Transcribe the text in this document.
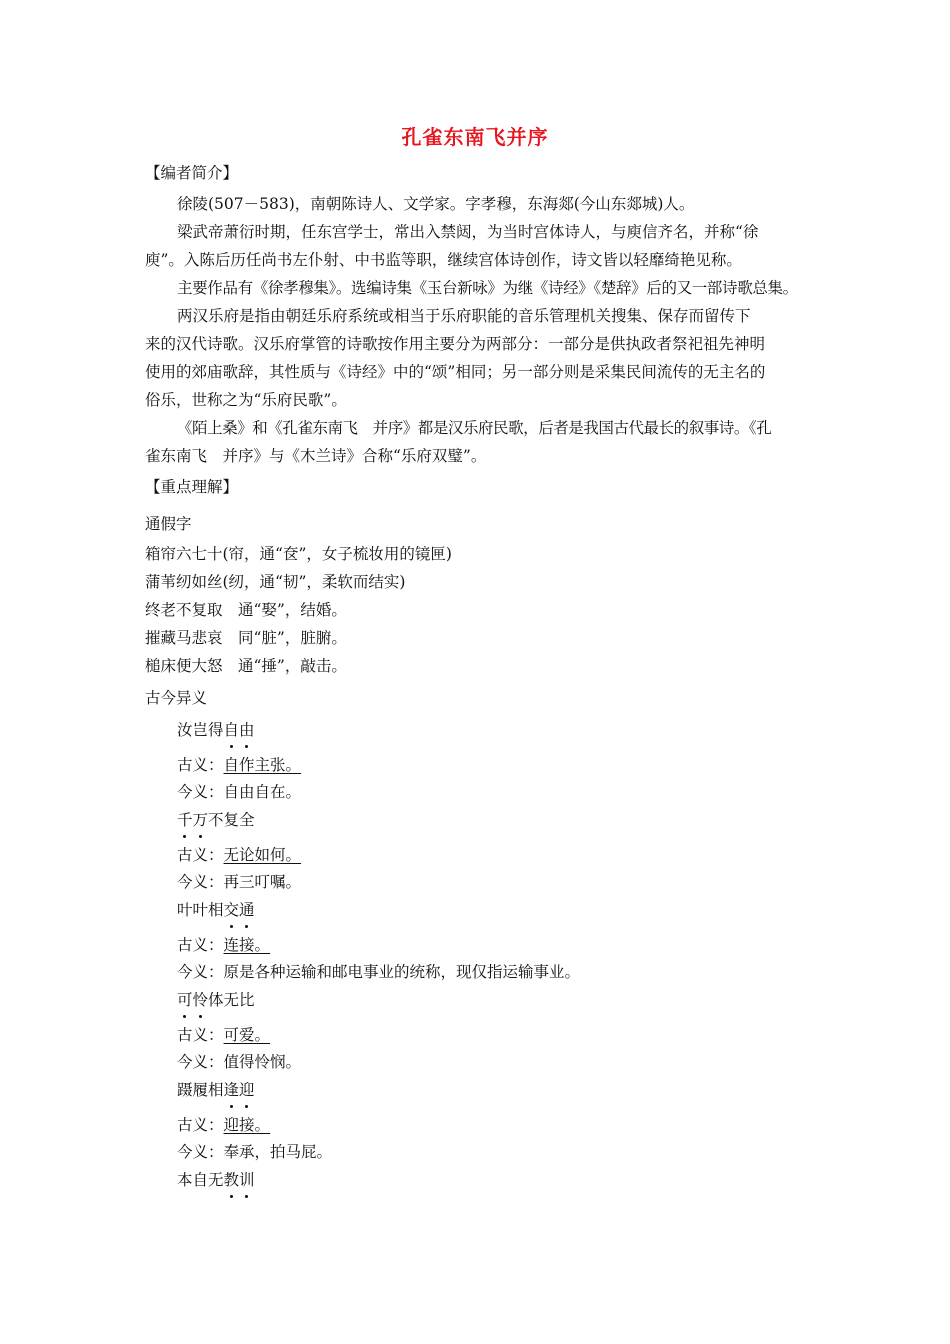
孔雀东南飞并序
【编者简介】
徐陵(507－583)，南朝陈诗人、文学家。字孝穆，东海郯(今山东郯城)人。
梁武帝萧衍时期，任东宫学士，常出入禁闼，为当时宫体诗人，与庾信齐名，并称“徐
庾”。入陈后历任尚书左仆射、中书监等职，继续宫体诗创作，诗文皆以轻靡绮艳见称。
主要作品有《徐孝穆集》。选编诗集《玉台新咏》为继《诗经》《楚辞》后的又一部诗歌总集。
两汉乐府是指由朝廷乐府系统或相当于乐府职能的音乐管理机关搜集、保存而留传下
来的汉代诗歌。汉乐府掌管的诗歌按作用主要分为两部分：一部分是供执政者祭祀祖先神明
使用的郊庙歌辞，其性质与《诗经》中的“颂”相同；另一部分则是采集民间流传的无主名的
俗乐，世称之为“乐府民歌”。
《陌上桑》和《孔雀东南飞　并序》都是汉乐府民歌，后者是我国古代最长的叙事诗。《孔
雀东南飞　并序》与《木兰诗》合称“乐府双璧”。
【重点理解】
通假字
箱帘六七十(帘，通“奁”，女子梳妆用的镜匣)
蒲苇纫如丝(纫，通“韧”，柔软而结实)
终老不复取　通“娶”，结婚。
摧藏马悲哀　同“脏”，脏腑。
槌床便大怒　通“捶”，敲击。
古今异义
汝岂得自由
古义：自作主张。
今义：自由自在。
千万不复全
古义：无论如何。
今义：再三叮嘱。
叶叶相交通
古义：连接。
今义：原是各种运输和邮电事业的统称，现仅指运输事业。
可怜体无比
古义：可爱。
今义：值得怜悯。
蹑履相逢迎
古义：迎接。
今义：奉承，拍马屁。
本自无教训
